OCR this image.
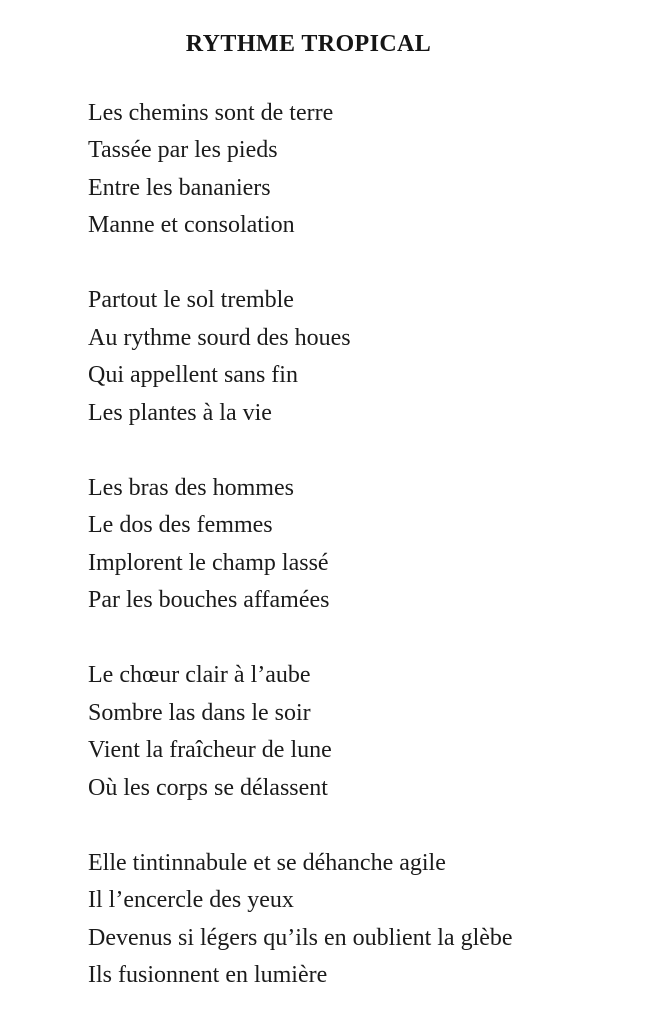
RYTHME TROPICAL
Les chemins sont de terre
Tassée par les pieds
Entre les bananiers
Manne et consolation
Partout le sol tremble
Au rythme sourd des houes
Qui appellent sans fin
Les plantes à la vie
Les bras des hommes
Le dos des femmes
Implorent le champ lassé
Par les bouches affamées
Le chœur clair à l’aube
Sombre las dans le soir
Vient la fraîcheur de lune
Où les corps se délassent
Elle tintinnabule et se déhanche agile
Il l’encercle des yeux
Devenus si légers qu’ils en oublient la glèbe
Ils fusionnent en lumière
